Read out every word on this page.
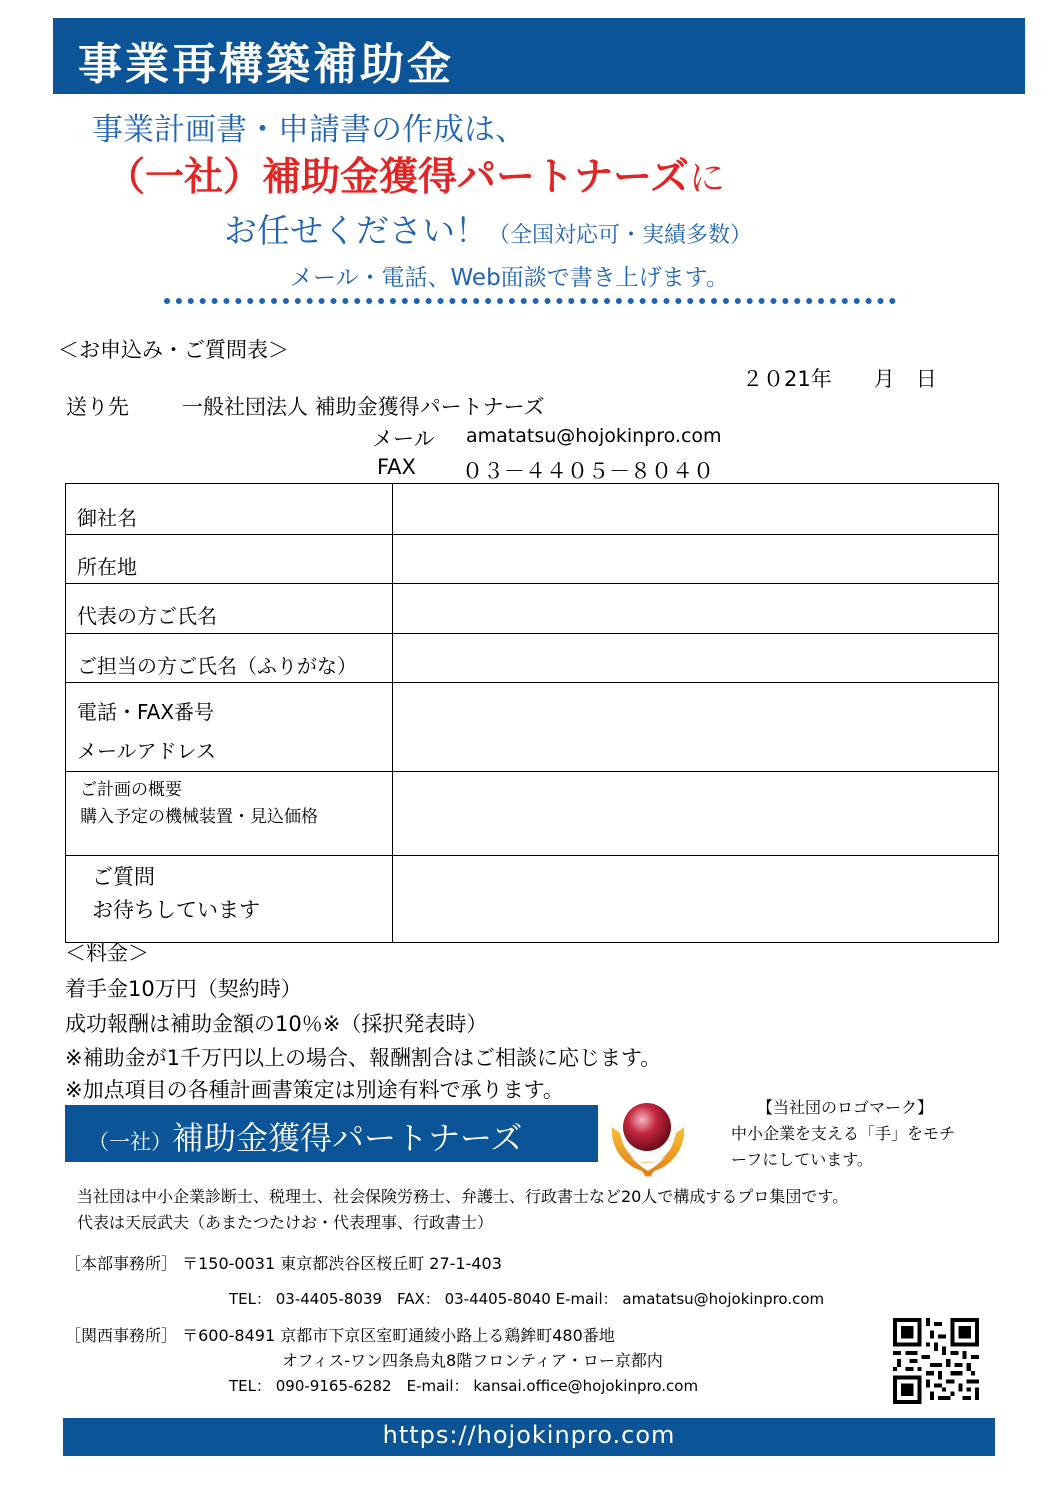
事業再構築補助金
事業計画書・申請書の作成は、
（一社）補助金獲得パートナーズに
お任せください！（全国対応可・実績多数）
メール・電話、Web面談で書き上げます。
＜お申込み・ご質問表＞
２０21年　　月　日
送り先	一般社団法人 補助金獲得パートナーズ
メール amatatsu@hojokinpro.com
FAX ０３－４４０５－８０４０
御社名	

所在地	

代表の方ご氏名	

ご担当の方ご氏名（ふりがな）	

電話・FAX番号
メールアドレス	

ご計画の概要
購入予定の機械装置・見込価格	

ご質問
お待ちしています	

＜料金＞
着手金10万円（契約時）
成功報酬は補助金額の10％※（採択発表時）
※補助金が1千万円以上の場合、報酬割合はご相談に応じます。
※加点項目の各種計画書策定は別途有料で承ります。
（一社）補助金獲得パートナーズ
【当社団のロゴマーク】
中小企業を支える「手」をモチ
ーフにしています。
当社団は中小企業診断士、税理士、社会保険労務士、弁護士、行政書士など20人で構成するプロ集団です。
代表は天辰武夫（あまたつたけお・代表理事、行政書士）
［本部事務所］ 〒150-0031 東京都渋谷区桜丘町 27-1-403
TEL： 03-4405-8039　FAX： 03-4405-8040 E-mail： amatatsu@hojokinpro.com
［関西事務所］ 〒600-8491 京都市下京区室町通綾小路上る鶏鉾町480番地
オフィス-ワン四条烏丸8階フロンティア・ロー京都内
TEL： 090-9165-6282　E-mail： kansai.office@hojokinpro.com
https://hojokinpro.com
